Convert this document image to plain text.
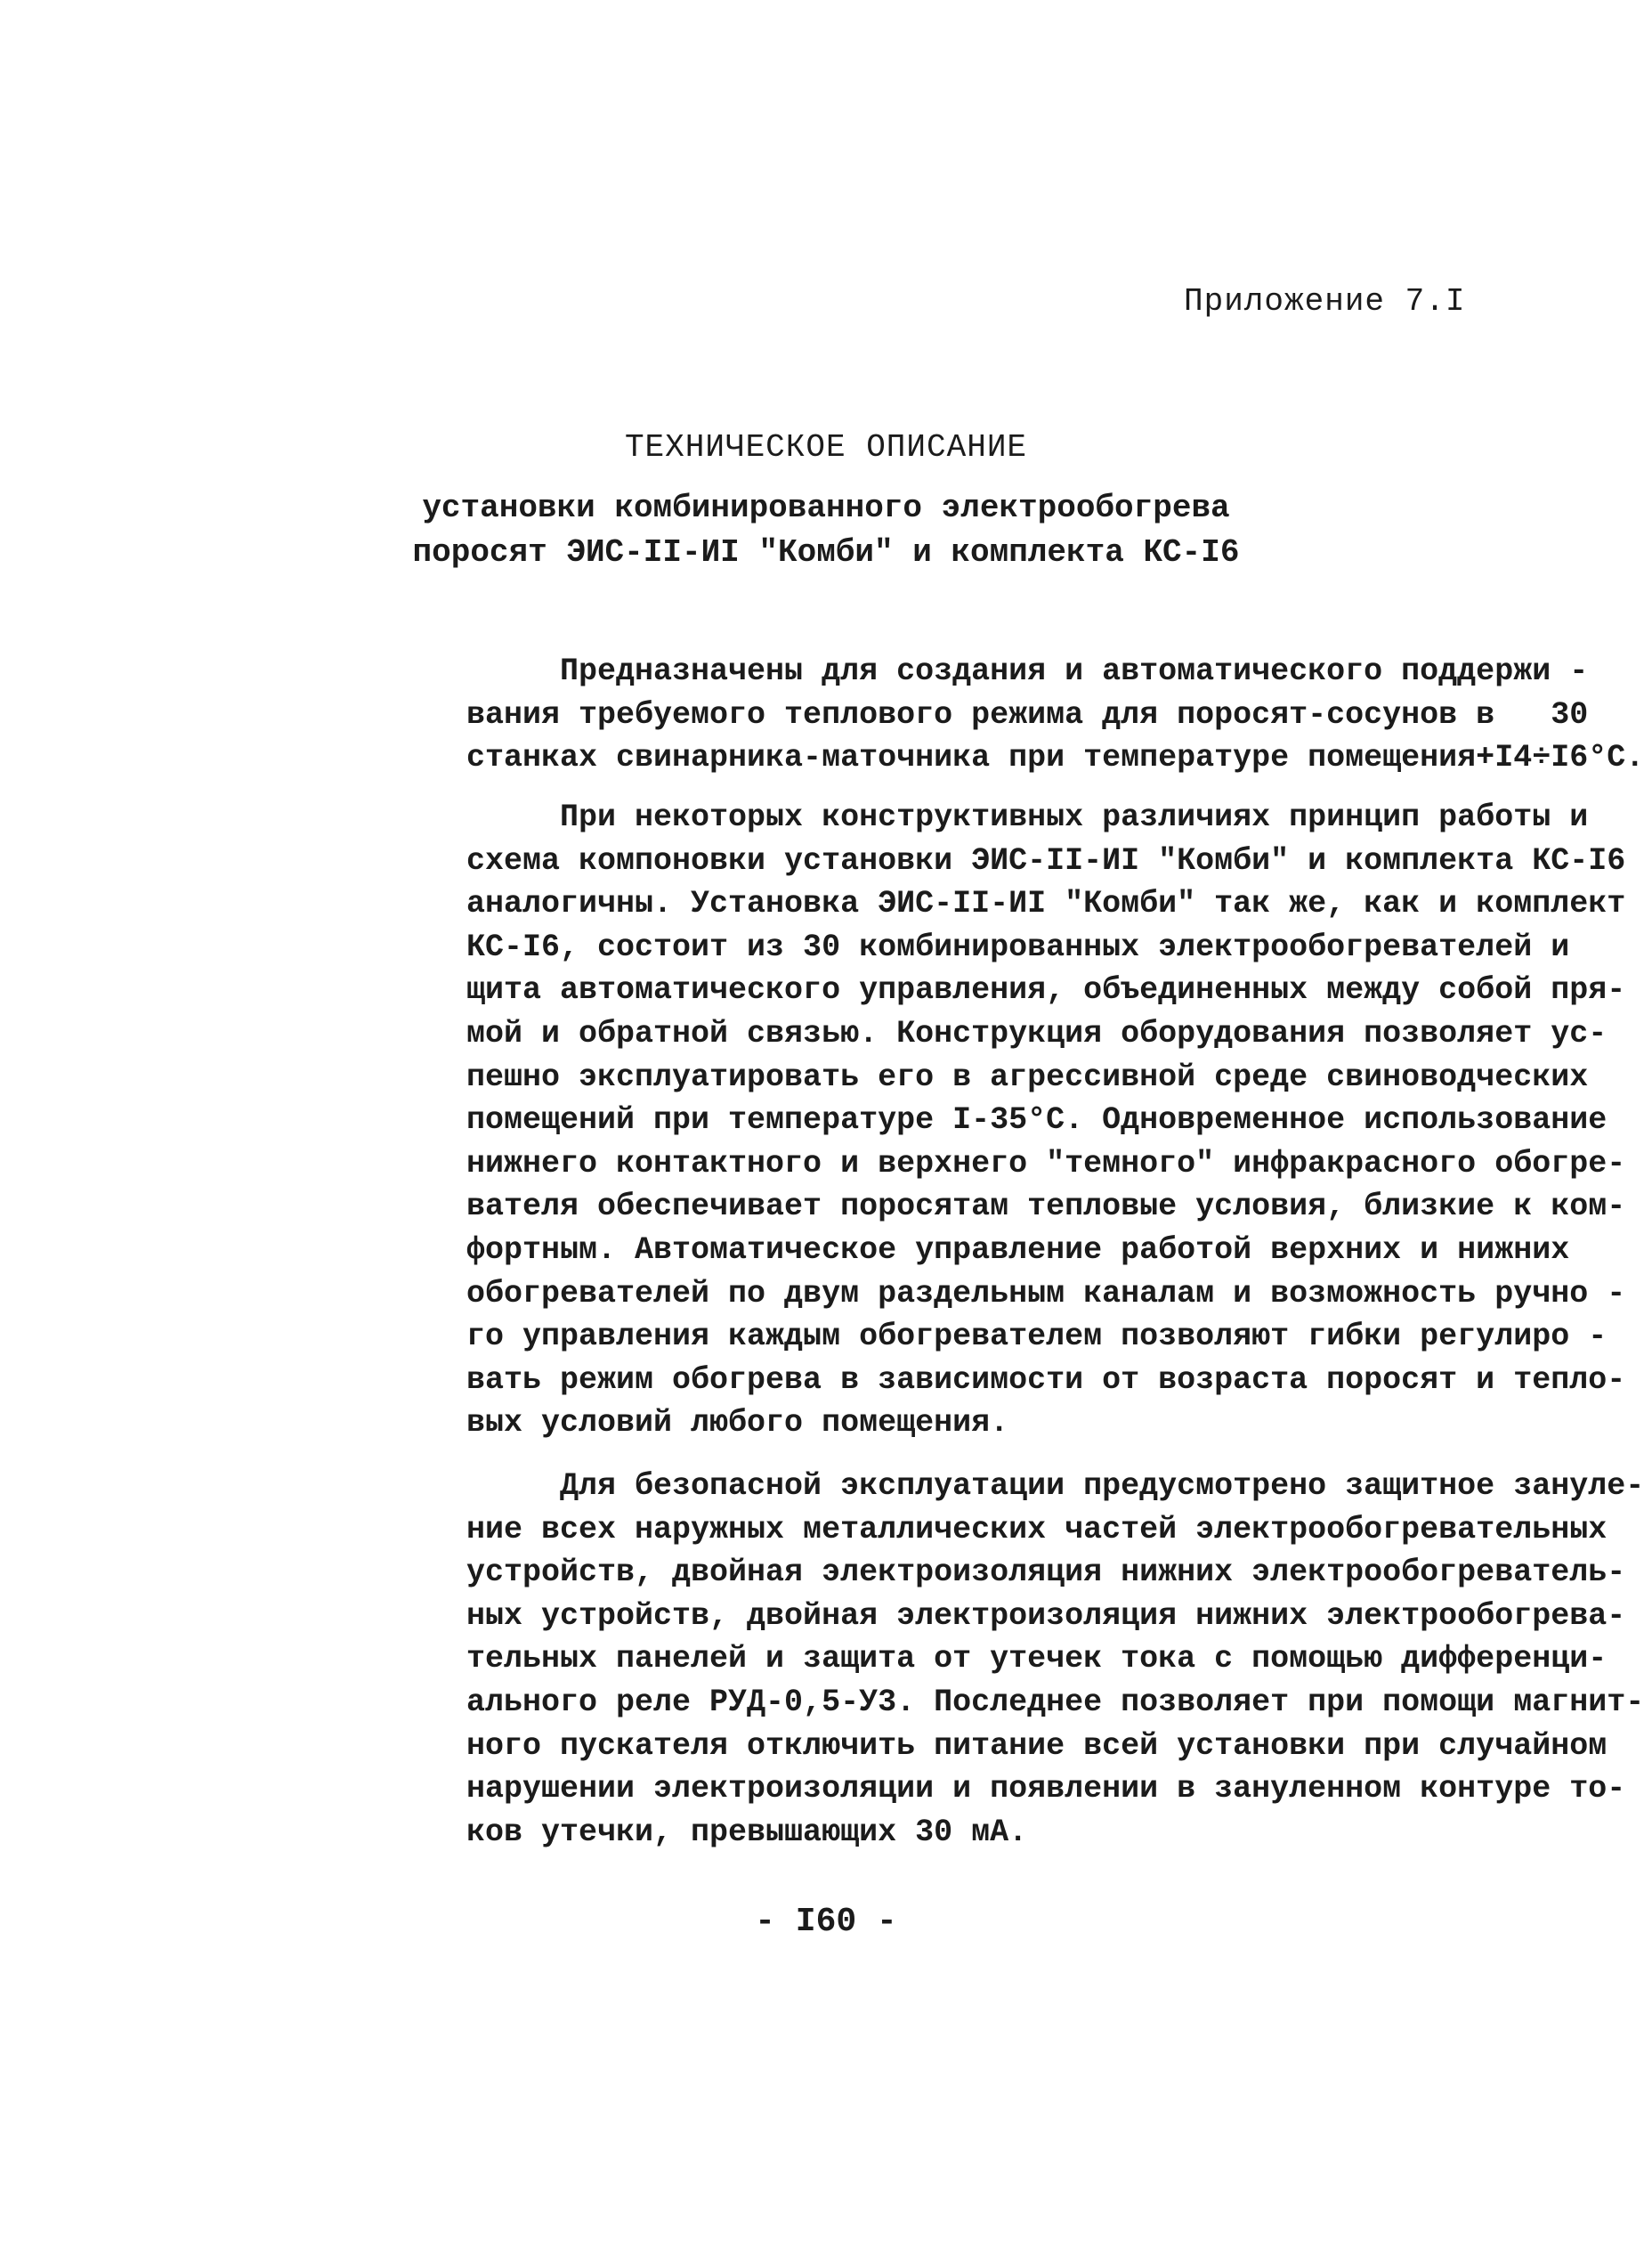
Приложение 7.I
ТЕХНИЧЕСКОЕ ОПИСАНИЕ
установки комбинированного электрообогрева
поросят ЭИС-II-ИI "Комби" и комплекта КС-I6
Предназначены для создания и автоматического поддержи -
вания требуемого теплового режима для поросят-сосунов в   30
станках свинарника-маточника при температуре помещения+I4÷I6°С.
При некоторых конструктивных различиях принцип работы и
схема компоновки установки ЭИС-II-ИI "Комби" и комплекта КС-I6
аналогичны. Установка ЭИС-II-ИI "Комби" так же, как и комплект
КС-I6, состоит из 30 комбинированных электрообогревателей и
щита автоматического управления, объединенных между собой пря-
мой и обратной связью. Конструкция оборудования позволяет ус-
пешно эксплуатировать его в агрессивной среде свиноводческих
помещений при температуре I-35°С. Одновременное использование
нижнего контактного и верхнего "темного" инфракрасного обогре-
вателя обеспечивает поросятам тепловые условия, близкие к ком-
фортным. Автоматическое управление работой верхних и нижних
обогревателей по двум раздельным каналам и возможность ручно -
го управления каждым обогревателем позволяют гибки регулиро -
вать режим обогрева в зависимости от возраста поросят и тепло-
вых условий любого помещения.
Для безопасной эксплуатации предусмотрено защитное зануле-
ние всех наружных металлических частей электрообогревательных
устройств, двойная электроизоляция нижних электрообогреватель-
ных устройств, двойная электроизоляция нижних электрообогрева-
тельных панелей и защита от утечек тока с помощью дифференци-
ального реле РУД-0,5-У3. Последнее позволяет при помощи магнит-
ного пускателя отключить питание всей установки при случайном
нарушении электроизоляции и появлении в зануленном контуре то-
ков утечки, превышающих 30 мА.
- I60 -
